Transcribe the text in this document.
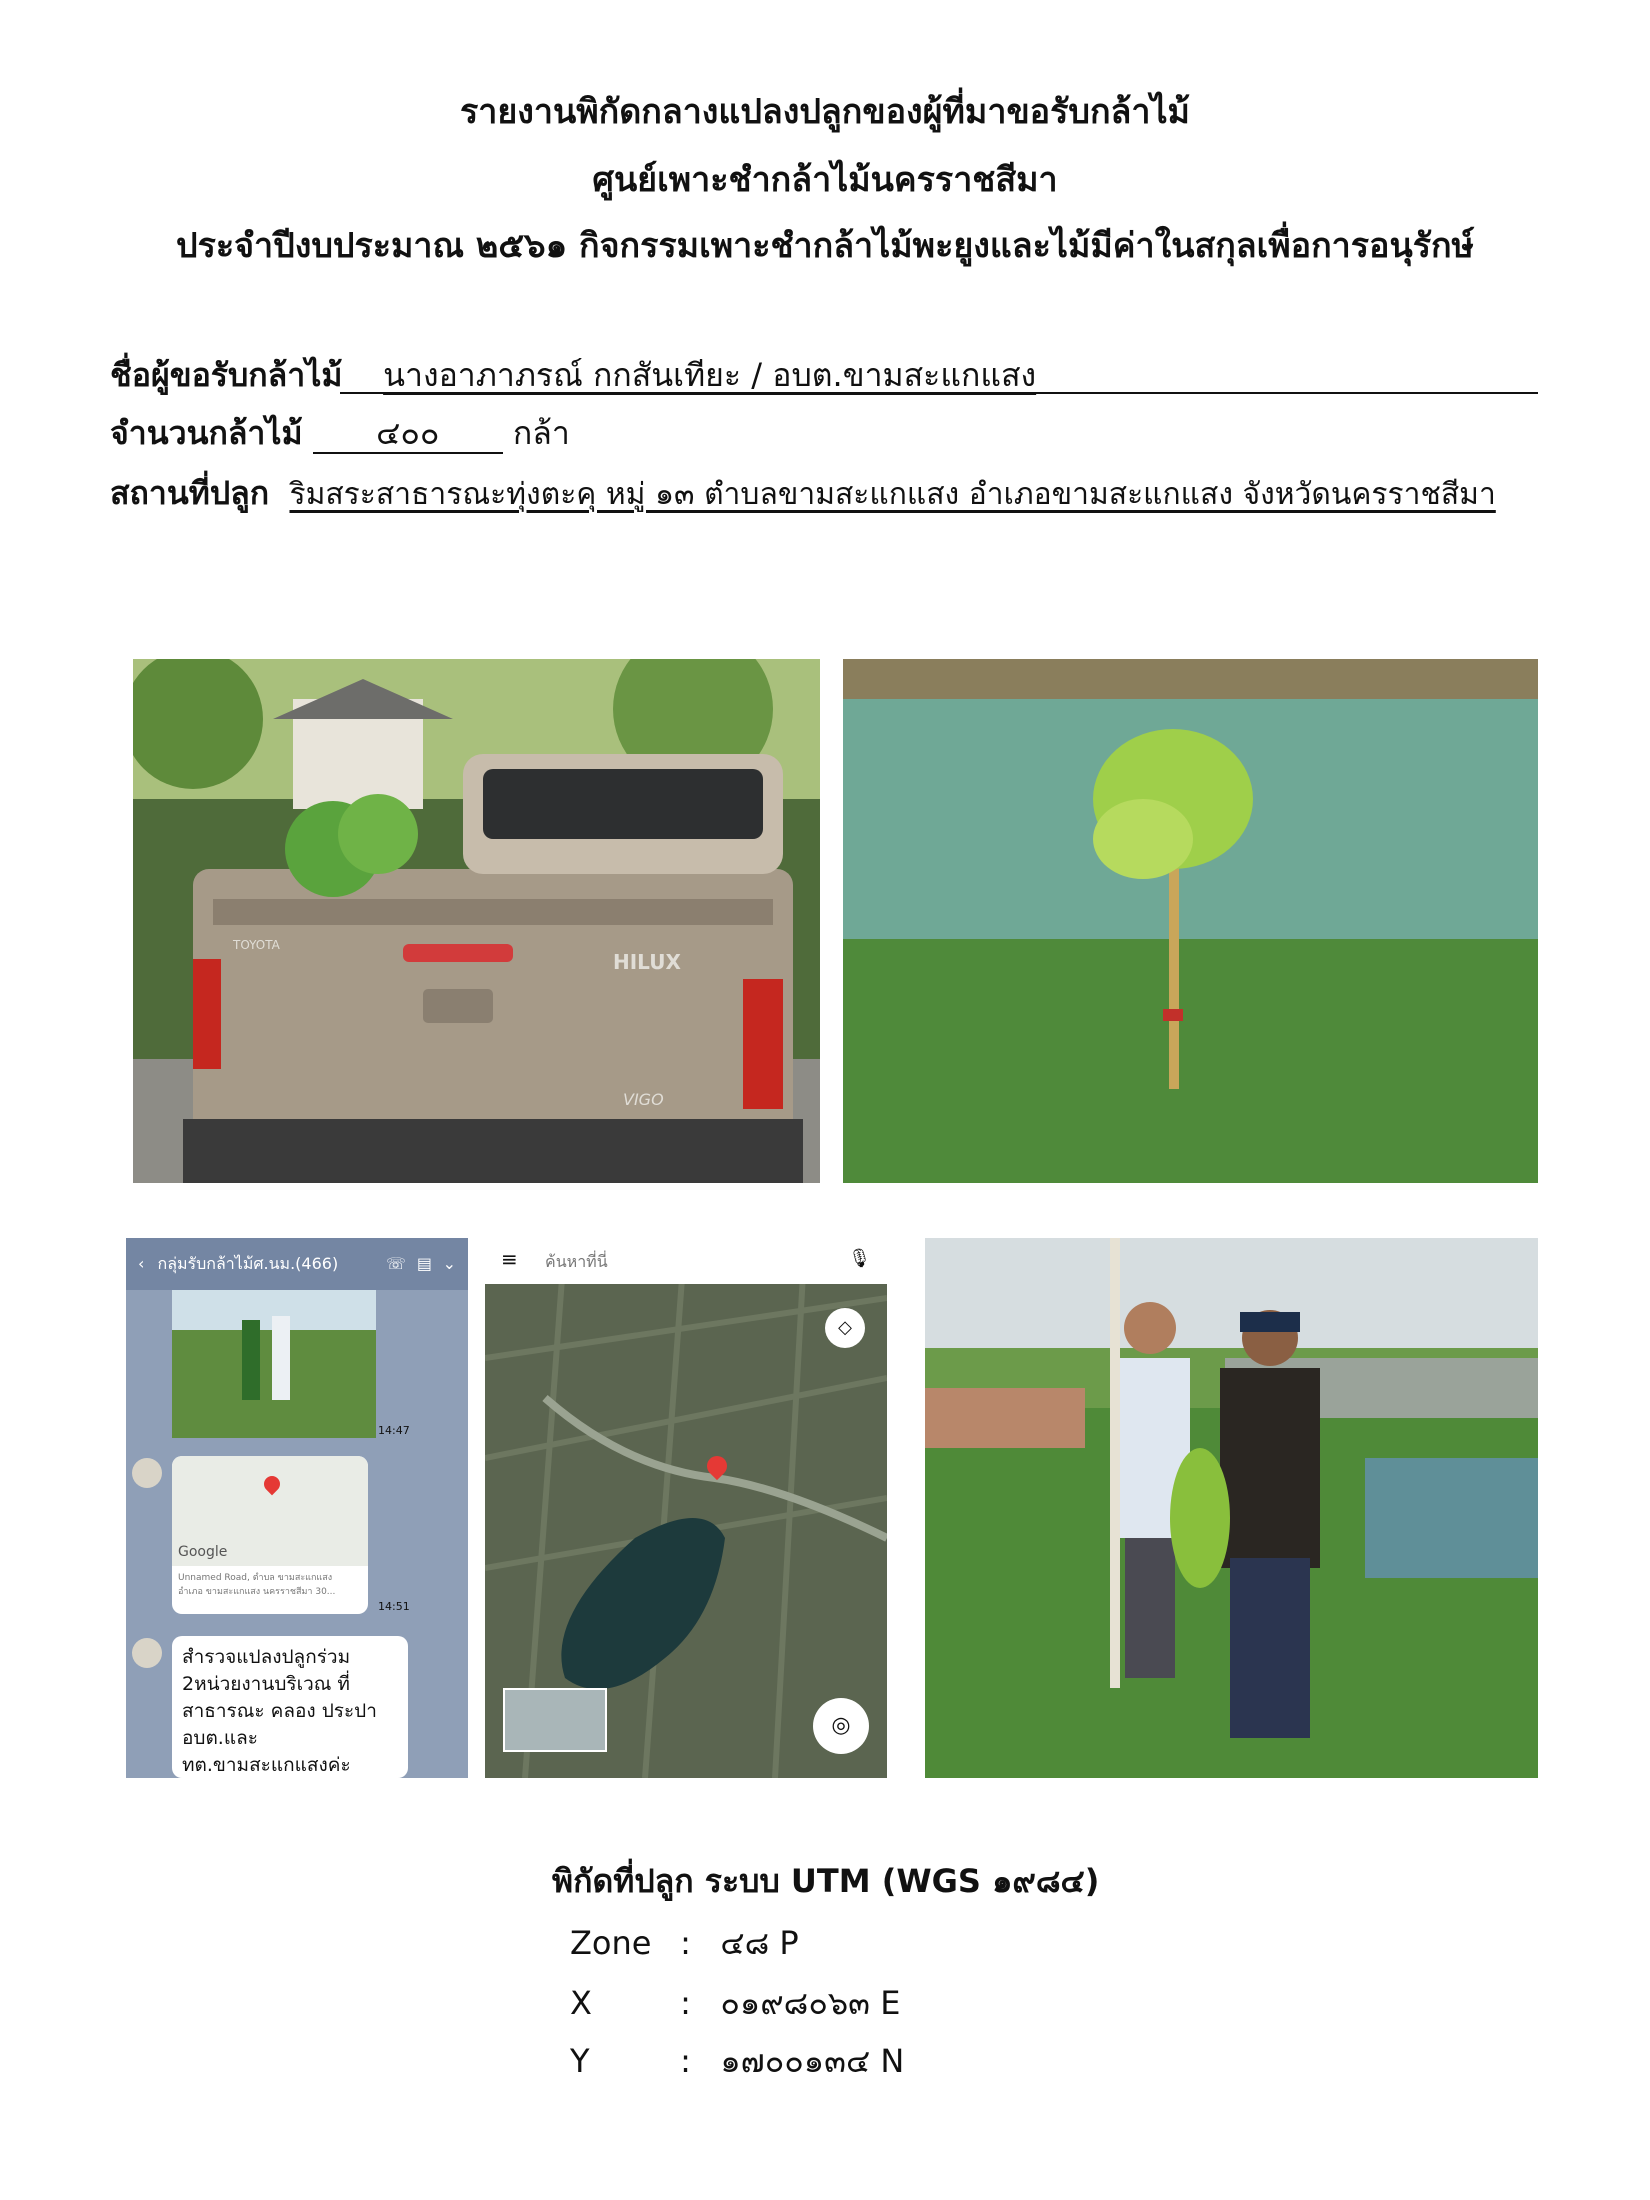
รายงานพิกัดกลางแปลงปลูกของผู้ที่มาขอรับกล้าไม้
ศูนย์เพาะชำกล้าไม้นครราชสีมา
ประจำปีงบประมาณ ๒๕๖๑ กิจกรรมเพาะชำกล้าไม้พะยูงและไม้มีค่าในสกุลเพื่อการอนุรักษ์
ชื่อผู้ขอรับกล้าไม้ นางอาภาภรณ์ กกสันเทียะ / อบต.ขามสะแกแสง
จำนวนกล้าไม้ ๔๐๐ กล้า
สถานที่ปลูก ริมสระสาธารณะทุ่งตะคุ หมู่ ๑๓ ตำบลขามสะแกแสง อำเภอขามสะแกแสง จังหวัดนครราชสีมา
HILUX
VIGO
TOYOTA
‹ กลุ่มรับกล้าไม้ศ.นม.(466)	☏ ▤ ⌄
14:47
Google
Unnamed Road, ตำบล ขามสะแกแสง
อำเภอ ขามสะแกแสง นครราชสีมา 30...
14:51
สำรวจแปลงปลูกร่วม 2หน่วยงานบริเวณ ที่สาธารณะ คลอง ประปาอบต.และ ทต.ขามสะแกแสงค่ะ
≡ ค้นหาที่นี่	🎙
◇
◎
พิกัดที่ปลูก ระบบ UTM (WGS ๑๙๘๔)
Zone : ๔๘ P
X	: ๐๑๙๘๐๖๓ E
Y	: ๑๗๐๐๑๓๔ N
